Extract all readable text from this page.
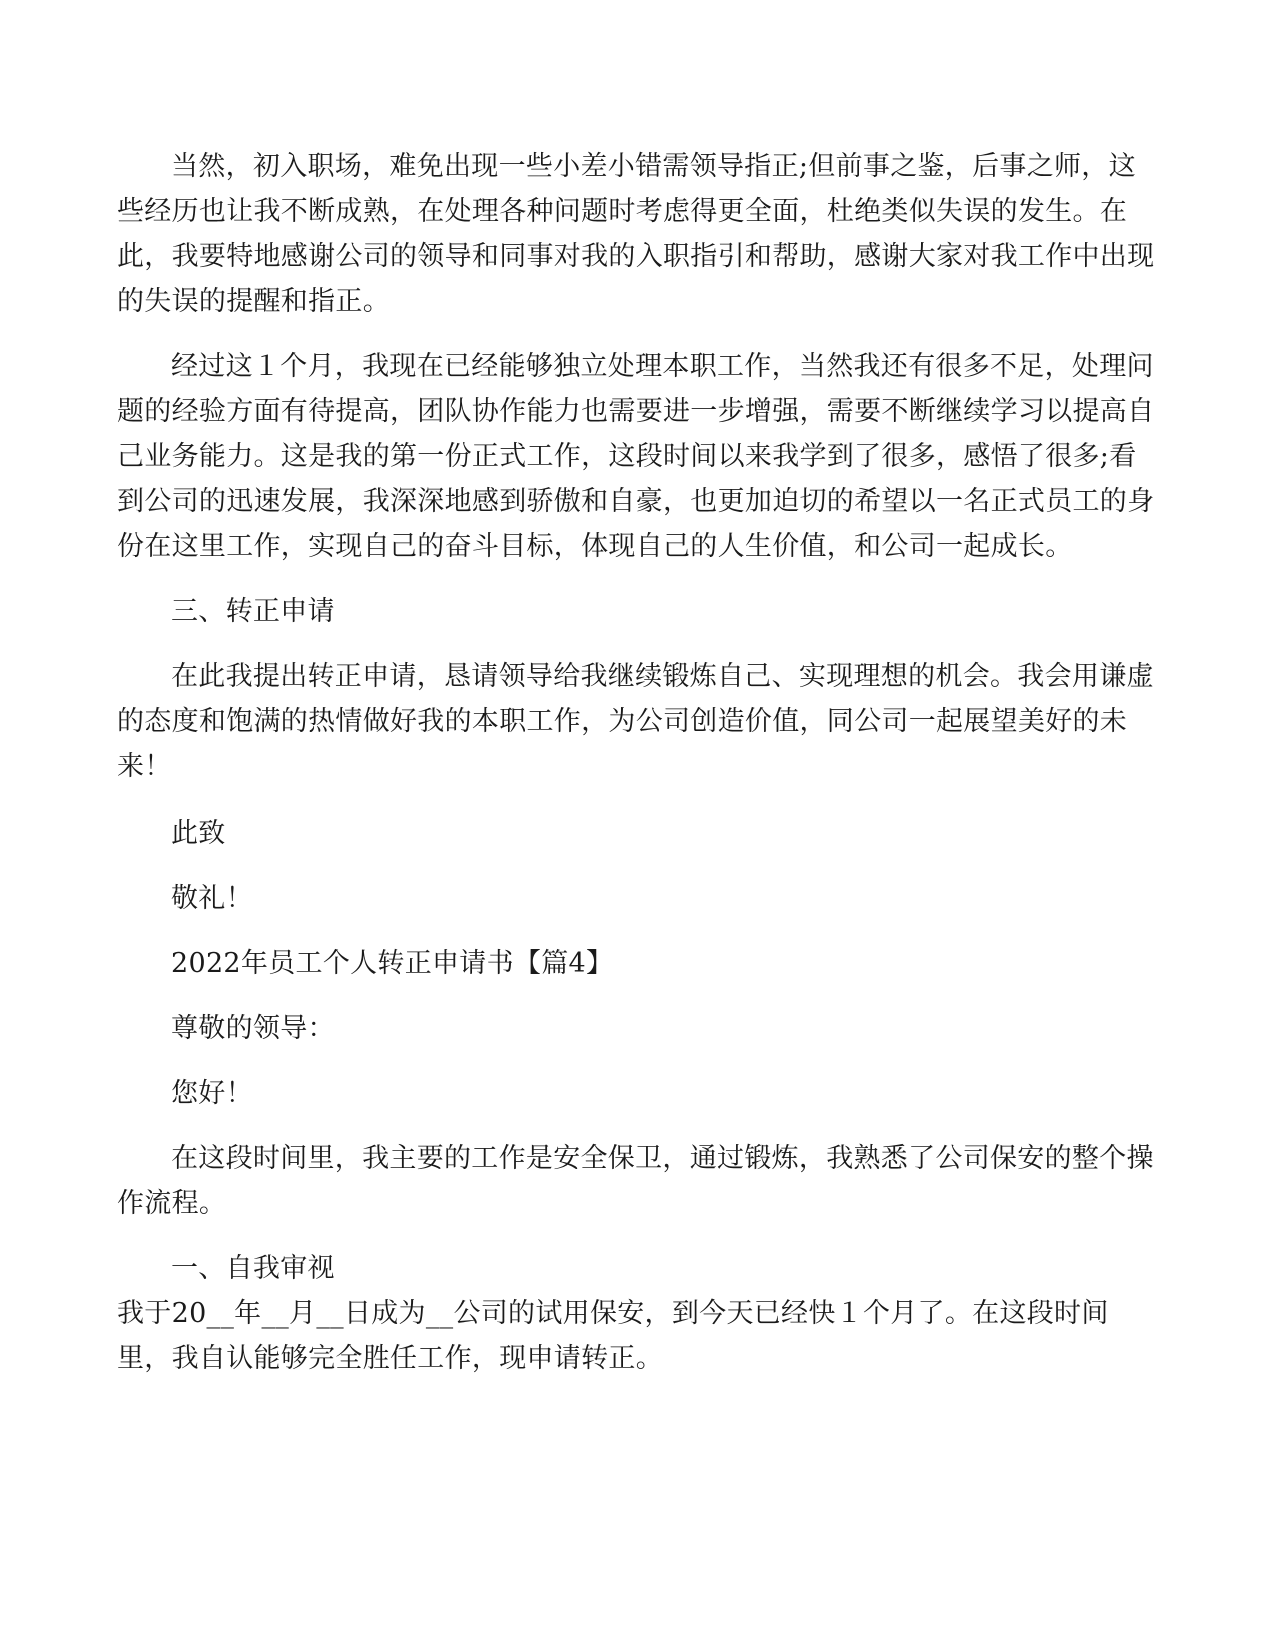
当然，初入职场，难免出现一些小差小错需领导指正;但前事之鉴，后事之师，这些经历也让我不断成熟，在处理各种问题时考虑得更全面，杜绝类似失误的发生。在此，我要特地感谢公司的领导和同事对我的入职指引和帮助，感谢大家对我工作中出现的失误的提醒和指正。

经过这１个月，我现在已经能够独立处理本职工作，当然我还有很多不足，处理问题的经验方面有待提高，团队协作能力也需要进一步增强，需要不断继续学习以提高自己业务能力。这是我的第一份正式工作，这段时间以来我学到了很多，感悟了很多;看到公司的迅速发展，我深深地感到骄傲和自豪，也更加迫切的希望以一名正式员工的身份在这里工作，实现自己的奋斗目标，体现自己的人生价值，和公司一起成长。

三、转正申请

在此我提出转正申请，恳请领导给我继续锻炼自己、实现理想的机会。我会用谦虚的态度和饱满的热情做好我的本职工作，为公司创造价值，同公司一起展望美好的未来！

此致

敬礼！

2022年员工个人转正申请书【篇4】

尊敬的领导：

您好！

在这段时间里，我主要的工作是安全保卫，通过锻炼，我熟悉了公司保安的整个操作流程。

一、自我审视

我于20__年__月__日成为__公司的试用保安，到今天已经快１个月了。在这段时间里，我自认能够完全胜任工作，现申请转正。
